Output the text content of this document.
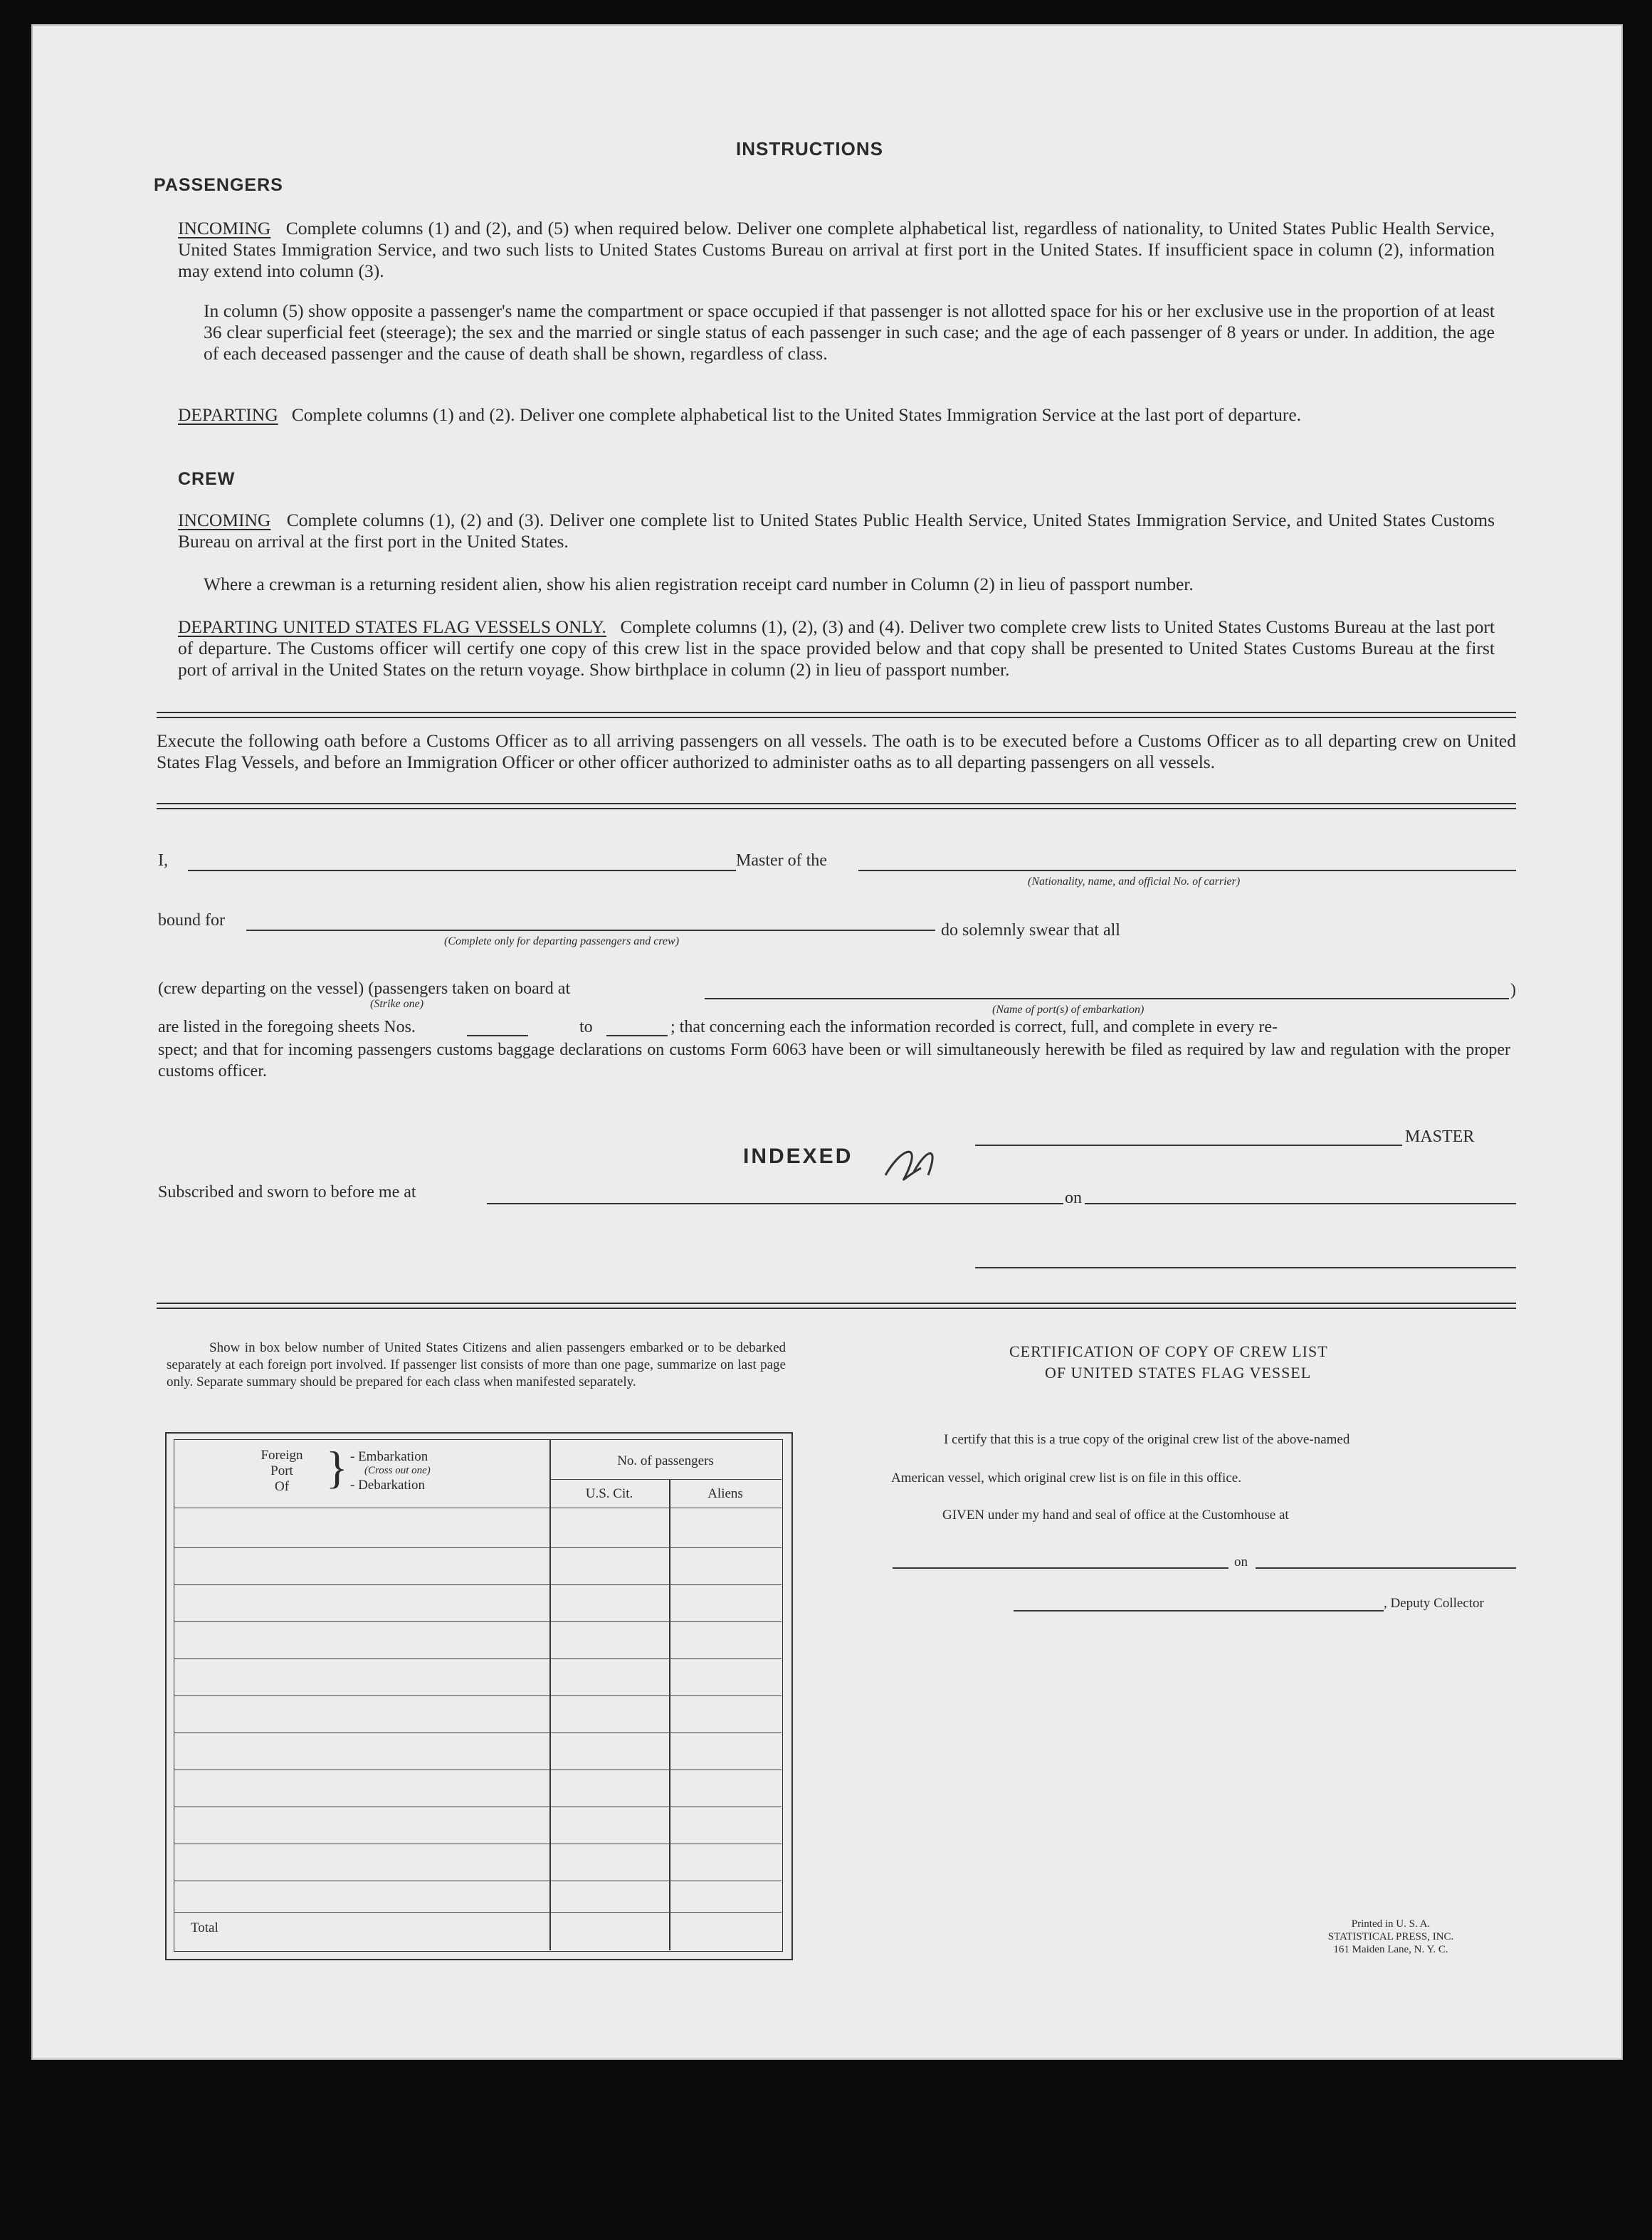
INSTRUCTIONS
PASSENGERS
INCOMING Complete columns (1) and (2), and (5) when required below. Deliver one complete alphabetical list, regardless of nationality, to United States Public Health Service, United States Immigration Service, and two such lists to United States Customs Bureau on arrival at first port in the United States. If insufficient space in column (2), information may extend into column (3).
In column (5) show opposite a passenger's name the compartment or space occupied if that passenger is not allotted space for his or her exclusive use in the proportion of at least 36 clear superficial feet (steerage); the sex and the married or single status of each passenger in such case; and the age of each passenger of 8 years or under. In addition, the age of each deceased passenger and the cause of death shall be shown, regardless of class.
DEPARTING Complete columns (1) and (2). Deliver one complete alphabetical list to the United States Immigration Service at the last port of departure.
CREW
INCOMING Complete columns (1), (2) and (3). Deliver one complete list to United States Public Health Service, United States Immigration Service, and United States Customs Bureau on arrival at the first port in the United States.
Where a crewman is a returning resident alien, show his alien registration receipt card number in Column (2) in lieu of passport number.
DEPARTING UNITED STATES FLAG VESSELS ONLY. Complete columns (1), (2), (3) and (4). Deliver two complete crew lists to United States Customs Bureau at the last port of departure. The Customs officer will certify one copy of this crew list in the space provided below and that copy shall be presented to United States Customs Bureau at the first port of arrival in the United States on the return voyage. Show birthplace in column (2) in lieu of passport number.
Execute the following oath before a Customs Officer as to all arriving passengers on all vessels. The oath is to be executed before a Customs Officer as to all departing crew on United States Flag Vessels, and before an Immigration Officer or other officer authorized to administer oaths as to all departing passengers on all vessels.
I,	Master of the
(Nationality, name, and official No. of carrier)
bound for
(Complete only for departing passengers and crew)
do solemnly swear that all
(crew departing on the vessel) (passengers taken on board at
(Strike one)
)
(Name of port(s) of embarkation)
are listed in the foregoing sheets Nos.	to	; that concerning each the information recorded is correct, full, and complete in every re-
spect; and that for incoming passengers customs baggage declarations on customs Form 6063 have been or will simultaneously herewith be filed as required by law and regulation with the proper customs officer.
MASTER
INDEXED
Subscribed and sworn to before me at	on
Show in box below number of United States Citizens and alien passengers embarked or to be debarked separately at each foreign port involved. If passenger list consists of more than one page, summarize on last page only. Separate summary should be prepared for each class when manifested separately.
Foreign
Port
Of } - Embarkation
(Cross out one)
- Debarkation
No. of passengers
U.S. Cit.	Aliens
Total
CERTIFICATION OF COPY OF CREW LIST
OF UNITED STATES FLAG VESSEL
I certify that this is a true copy of the original crew list of the above-named
American vessel, which original crew list is on file in this office.
GIVEN under my hand and seal of office at the Customhouse at
on
, Deputy Collector
Printed in U. S. A.
STATISTICAL PRESS, INC.
161 Maiden Lane, N. Y. C.
